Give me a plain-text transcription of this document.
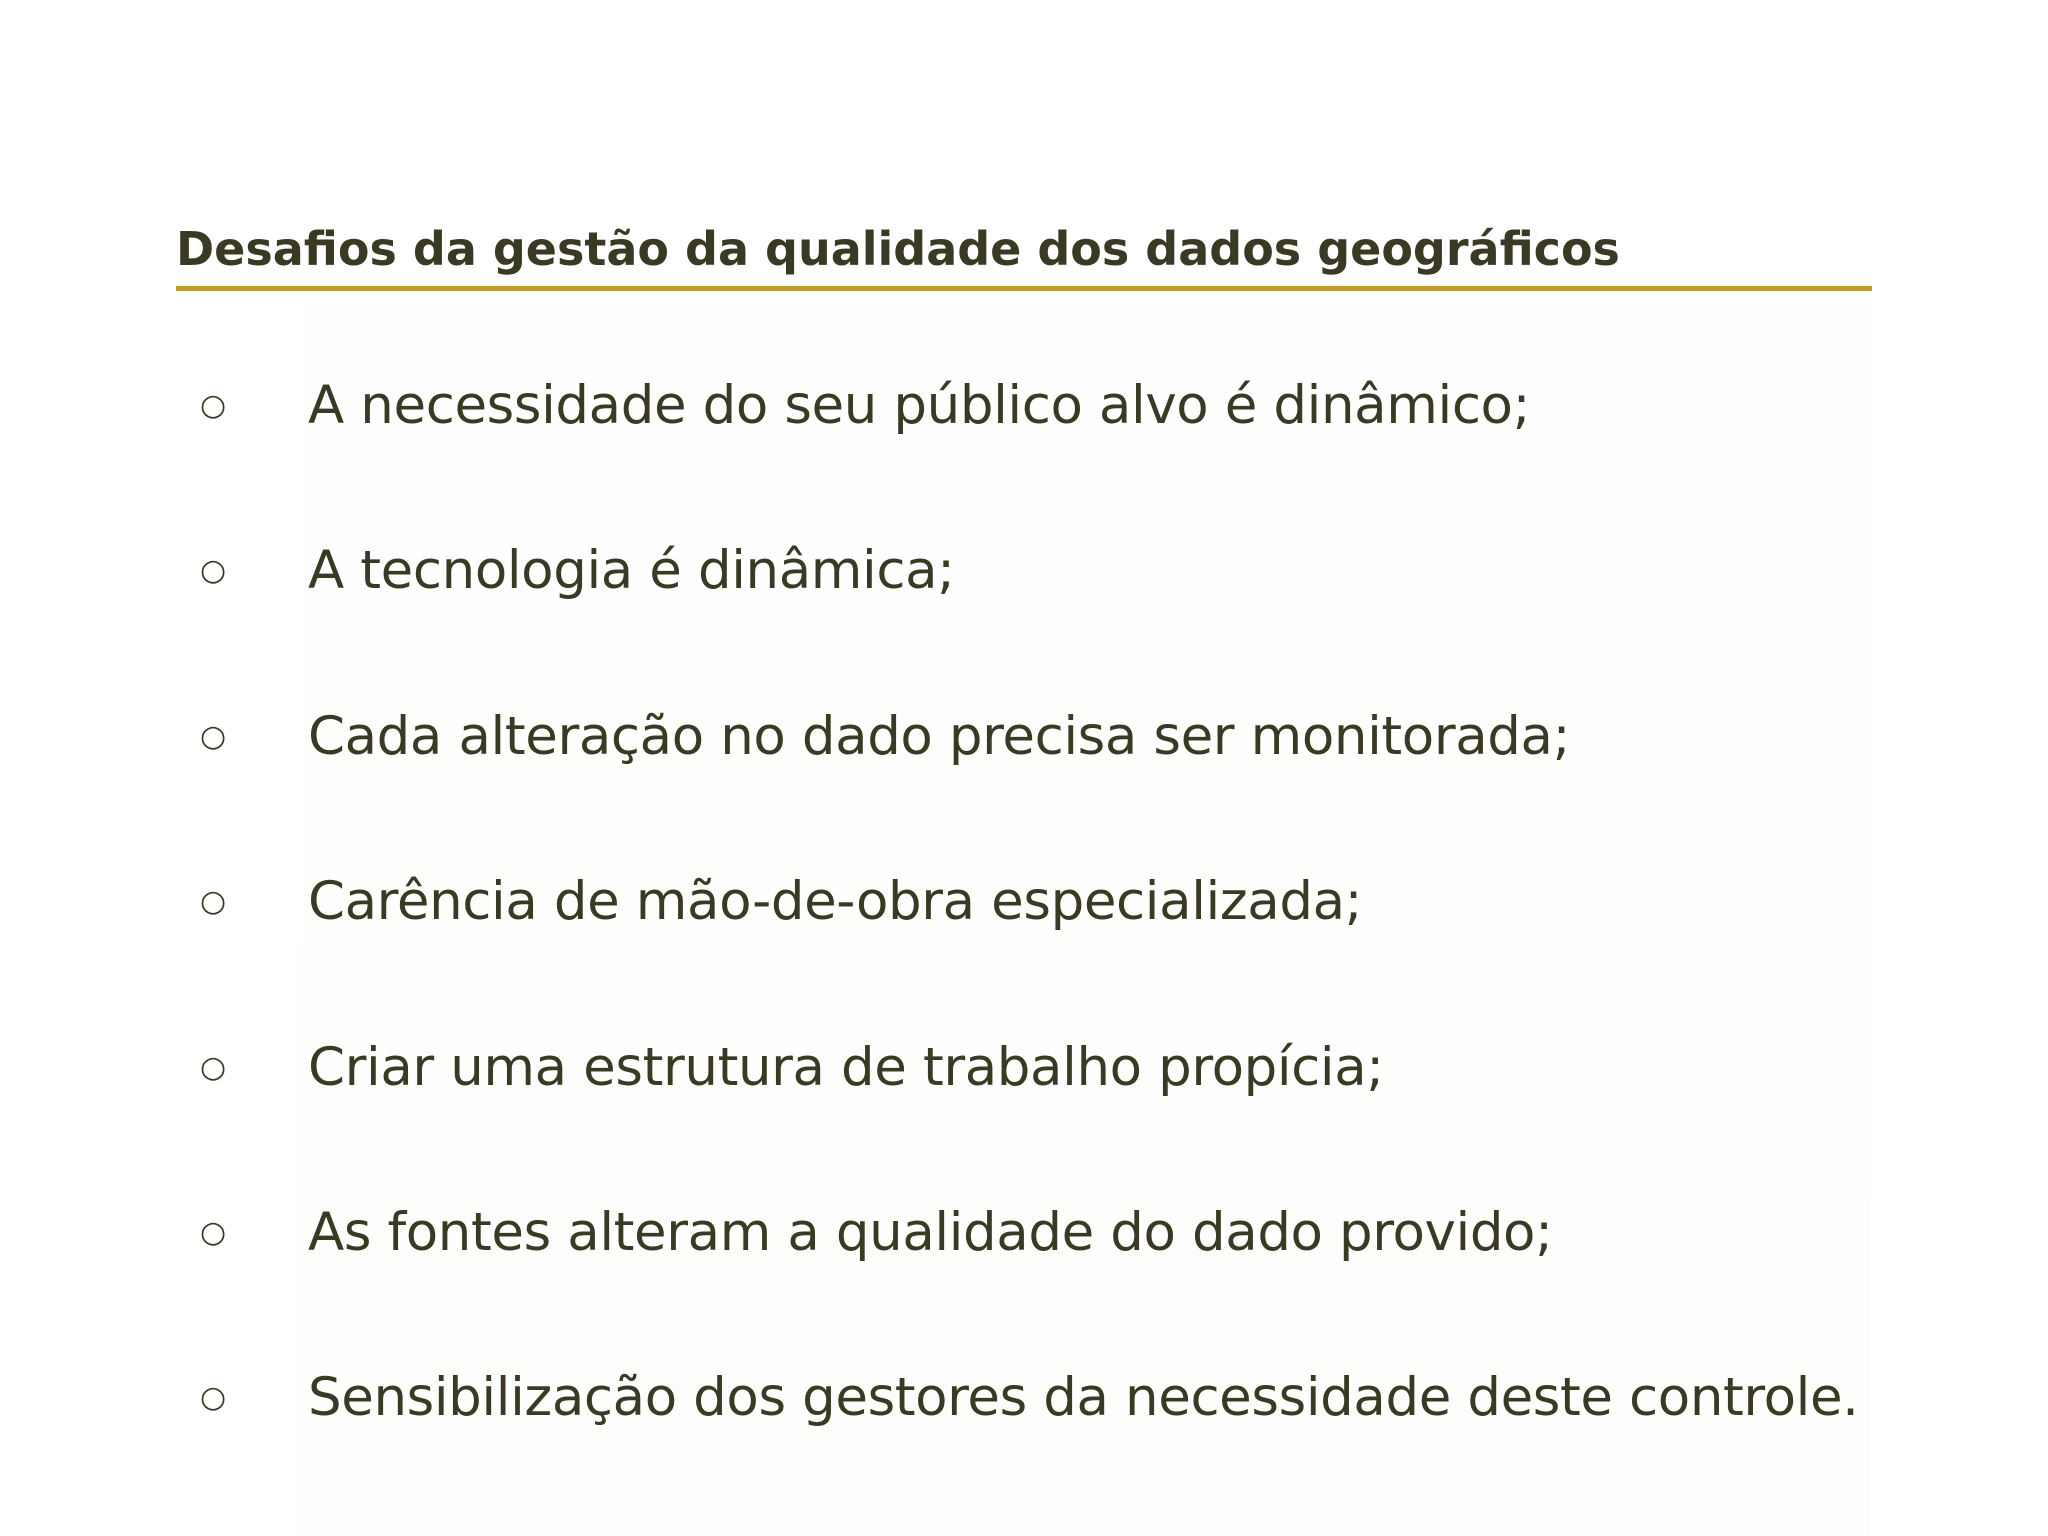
Desafios da gestão da qualidade dos dados geográficos
○ A necessidade do seu público alvo é dinâmico;
○ A tecnologia é dinâmica;
○ Cada alteração no dado precisa ser monitorada;
○ Carência de mão-de-obra especializada;
○ Criar uma estrutura de trabalho propícia;
○ As fontes alteram a qualidade do dado provido;
○ Sensibilização dos gestores da necessidade deste controle.
